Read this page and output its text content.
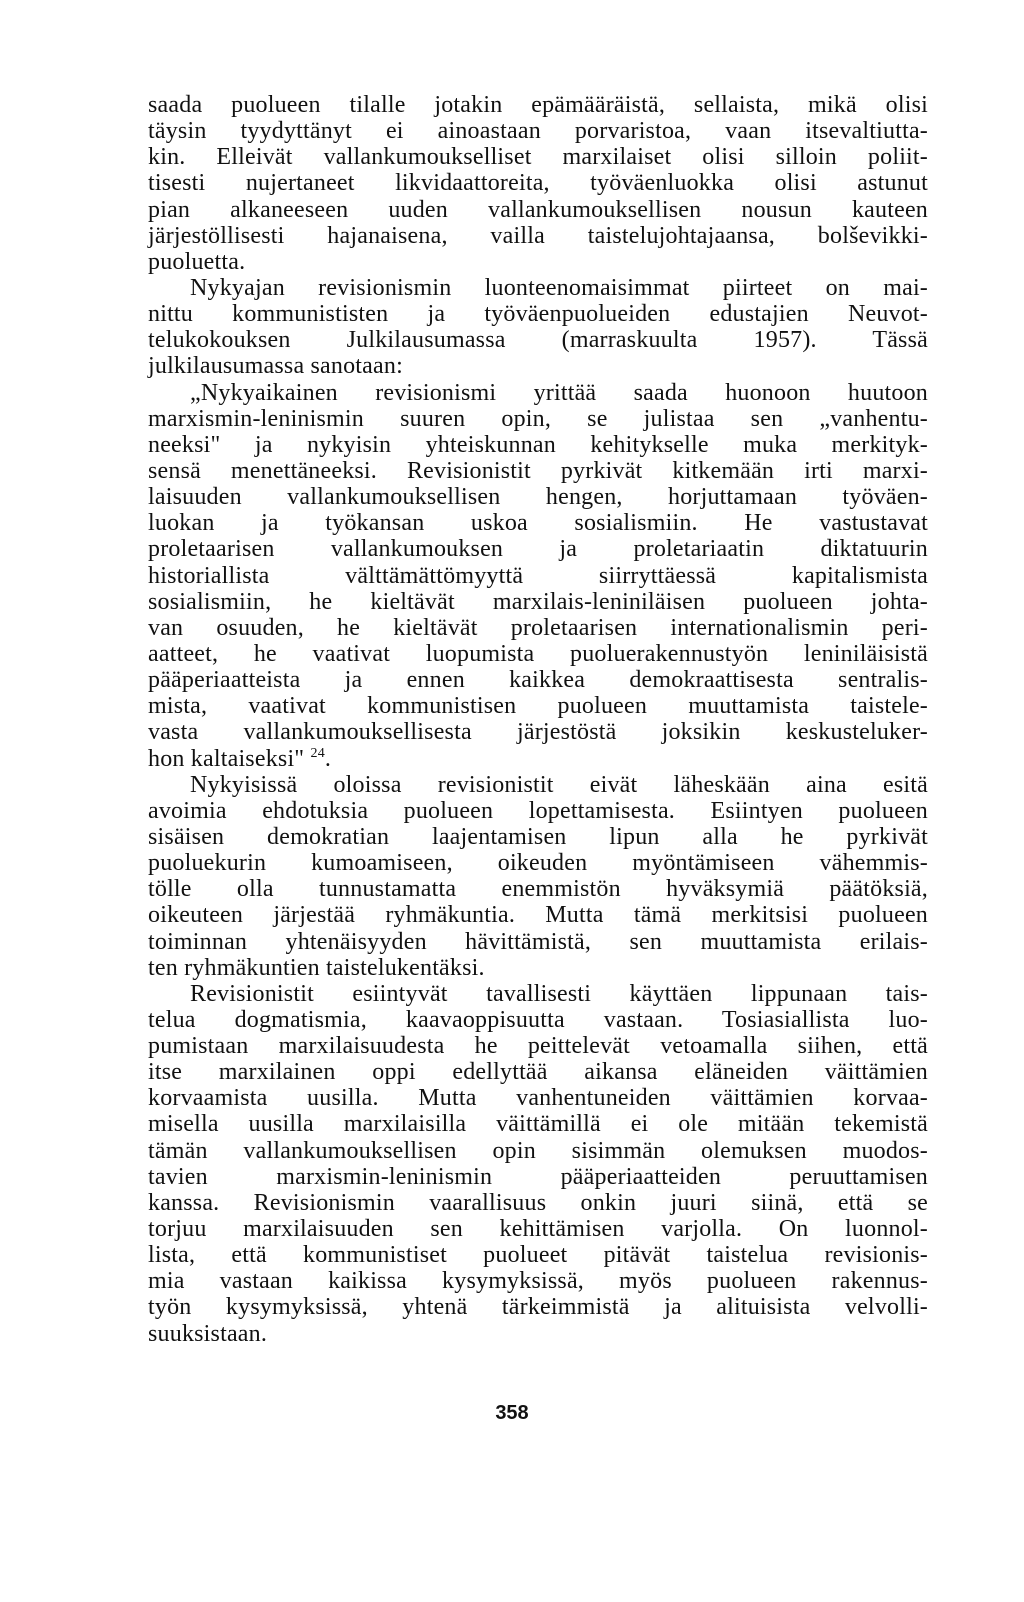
saada puolueen tilalle jotakin epämääräistä, sellaista, mikä olisi
täysin tyydyttänyt ei ainoastaan porvaristoa, vaan itsevaltiutta-
kin. Elleivät vallankumoukselliset marxilaiset olisi silloin poliit-
tisesti nujertaneet likvidaattoreita, työväenluokka olisi astunut
pian alkaneeseen uuden vallankumouksellisen nousun kauteen
järjestöllisesti hajanaisena, vailla taistelujohtajaansa, bolševikki-
puoluetta.
Nykyajan revisionismin luonteenomaisimmat piirteet on mai-
nittu kommunististen ja työväenpuolueiden edustajien Neuvot-
telukokouksen Julkilausumassa (marraskuulta 1957). Tässä
julkilausumassa sanotaan:
„Nykyaikainen revisionismi yrittää saada huonoon huutoon
marxismin-leninismin suuren opin, se julistaa sen „vanhentu-
neeksi" ja nykyisin yhteiskunnan kehitykselle muka merkityk-
sensä menettäneeksi. Revisionistit pyrkivät kitkemään irti marxi-
laisuuden vallankumouksellisen hengen, horjuttamaan työväen-
luokan ja työkansan uskoa sosialismiin. He vastustavat
proletaarisen vallankumouksen ja proletariaatin diktatuurin
historiallista välttämättömyyttä siirryttäessä kapitalismista
sosialismiin, he kieltävät marxilais-leniniläisen puolueen johta-
van osuuden, he kieltävät proletaarisen internationalismin peri-
aatteet, he vaativat luopumista puoluerakennustyön leniniläisistä
pääperiaatteista ja ennen kaikkea demokraattisesta sentralis-
mista, vaativat kommunistisen puolueen muuttamista taistele-
vasta vallankumouksellisesta järjestöstä joksikin keskusteluker-
hon kaltaiseksi" $^{24}$.
Nykyisissä oloissa revisionistit eivät läheskään aina esitä
avoimia ehdotuksia puolueen lopettamisesta. Esiintyen puolueen
sisäisen demokratian laajentamisen lipun alla he pyrkivät
puoluekurin kumoamiseen, oikeuden myöntämiseen vähemmis-
tölle olla tunnustamatta enemmistön hyväksymiä päätöksiä,
oikeuteen järjestää ryhmäkuntia. Mutta tämä merkitsisi puolueen
toiminnan yhtenäisyyden hävittämistä, sen muuttamista erilais-
ten ryhmäkuntien taistelukentäksi.
Revisionistit esiintyvät tavallisesti käyttäen lippunaan tais-
telua dogmatismia, kaavaoppisuutta vastaan. Tosiasiallista luo-
pumistaan marxilaisuudesta he peittelevät vetoamalla siihen, että
itse marxilainen oppi edellyttää aikansa eläneiden väittämien
korvaamista uusilla. Mutta vanhentuneiden väittämien korvaa-
misella uusilla marxilaisilla väittämillä ei ole mitään tekemistä
tämän vallankumouksellisen opin sisimmän olemuksen muodos-
tavien marxismin-leninismin pääperiaatteiden peruuttamisen
kanssa. Revisionismin vaarallisuus onkin juuri siinä, että se
torjuu marxilaisuuden sen kehittämisen varjolla. On luonnol-
lista, että kommunistiset puolueet pitävät taistelua revisionis-
mia vastaan kaikissa kysymyksissä, myös puolueen rakennus-
työn kysymyksissä, yhtenä tärkeimmistä ja alituisista velvolli-
suuksistaan.
358
